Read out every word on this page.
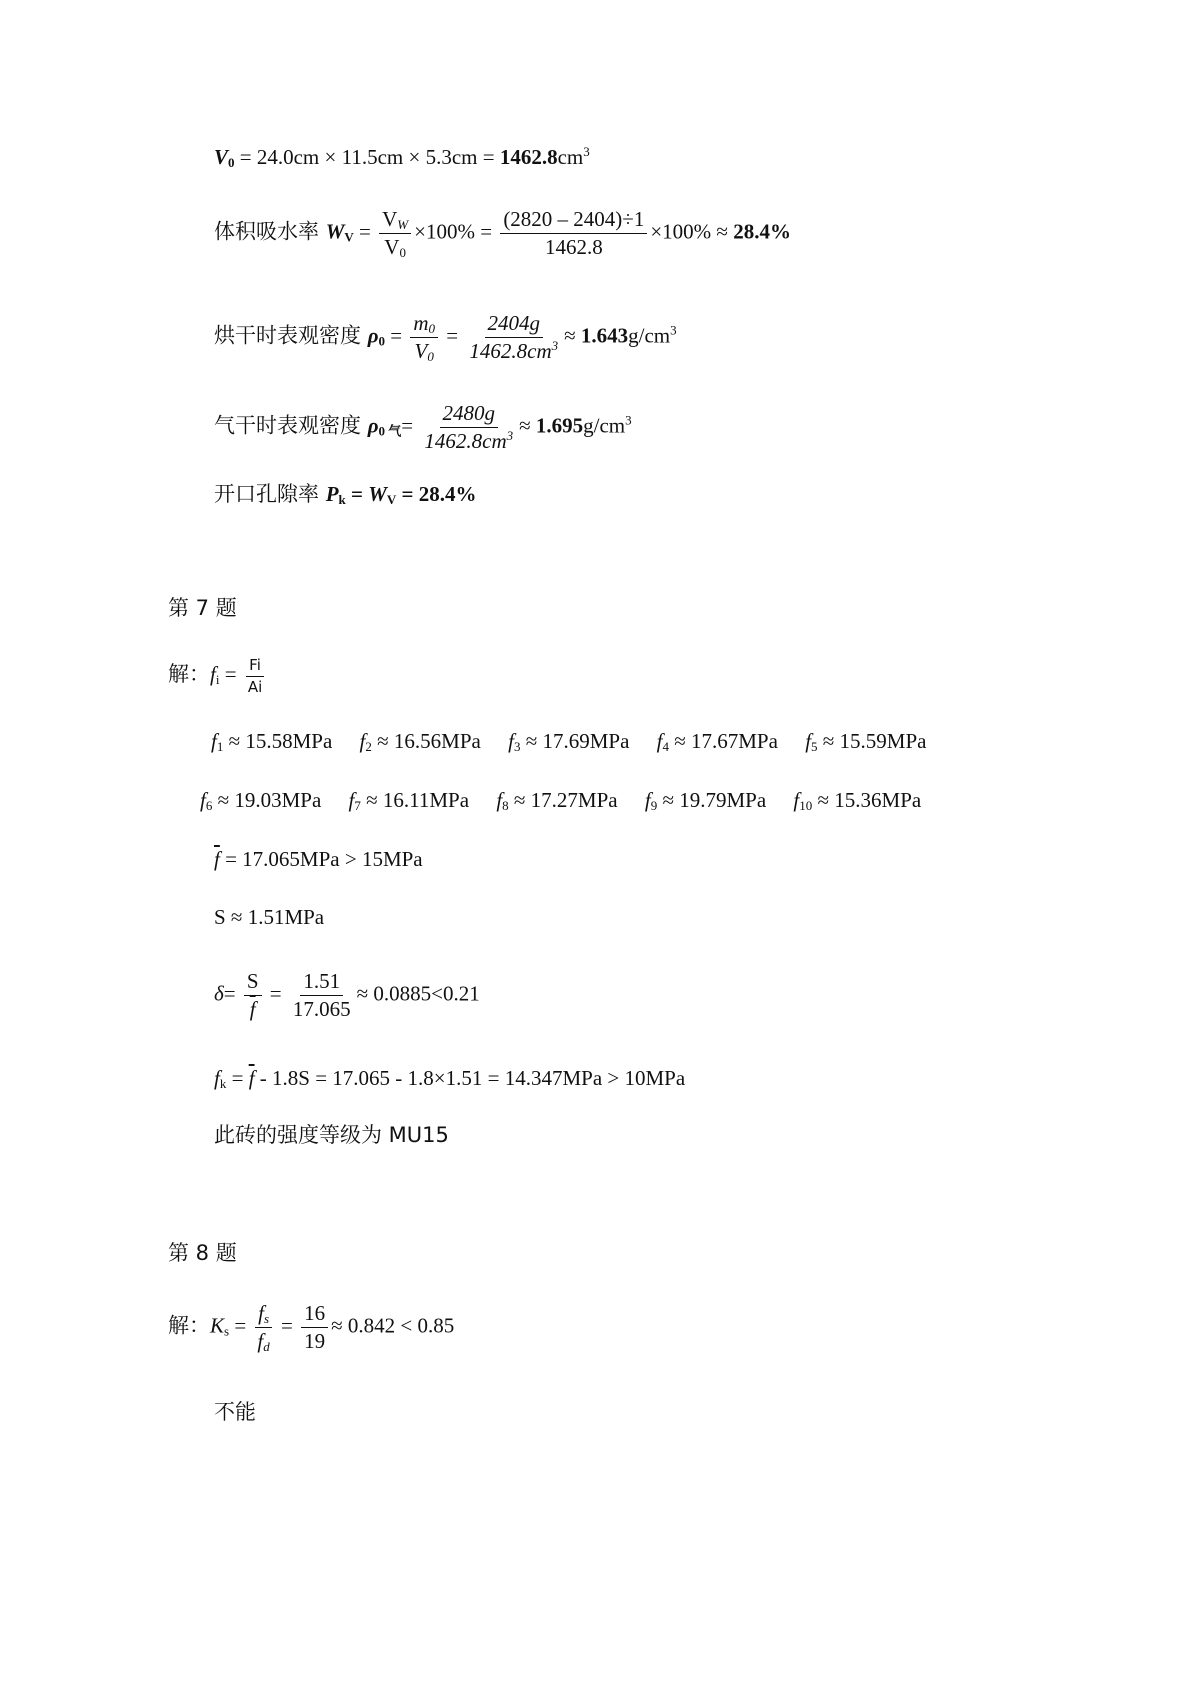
$V_0 = 24.0cm \times 11.5cm \times 5.3cm = 1462.8cm^3$
体积吸水率 $W_V = \frac{V_W}{V_0} \times 100\% = \frac{(2820 - 2404)\div 1}{1462.8} \times 100\% \approx 28.4\%$
烘干时表观密度 $\rho_0 = \frac{m_0}{V_0} = \frac{2404g}{1462.8cm^3} \approx 1.643g/cm^3$
气干时表观密度 $\rho_{0 气}= \frac{2480g}{1462.8cm^3} \approx 1.695g/cm^3$
开口孔隙率 $P_k = W_V = 28.4\%$
第 7 题
解：$f_i = \frac{Fi}{Ai}$
$f_1 \approx 15.58MPa$ $f_2 \approx 16.56MPa$ $f_3 \approx 17.69MPa$ $f_4 \approx 17.67MPa$ $f_5 \approx 15.59MPa$
$f_6 \approx 19.03MPa$ $f_7 \approx 16.11MPa$ $f_8 \approx 17.27MPa$ $f_9 \approx 19.79MPa$ $f_{10} \approx 15.36MPa$
$\overline{f} = 17.065MPa > 15MPa$
S ≈ 1.51MPa
$\delta= \frac{S}{f} = \frac{1.51}{17.065} \approx 0.0885<0.21$
$f_k = \overline{f} - 1.8S = 17.065 - 1.8\times 1.51 = 14.347MPa > 10MPa$
此砖的强度等级为 MU15
第 8 题
解：$K_s = \frac{f_s}{f_d} = \frac{16}{19} \approx 0.842 < 0.85$
不能
